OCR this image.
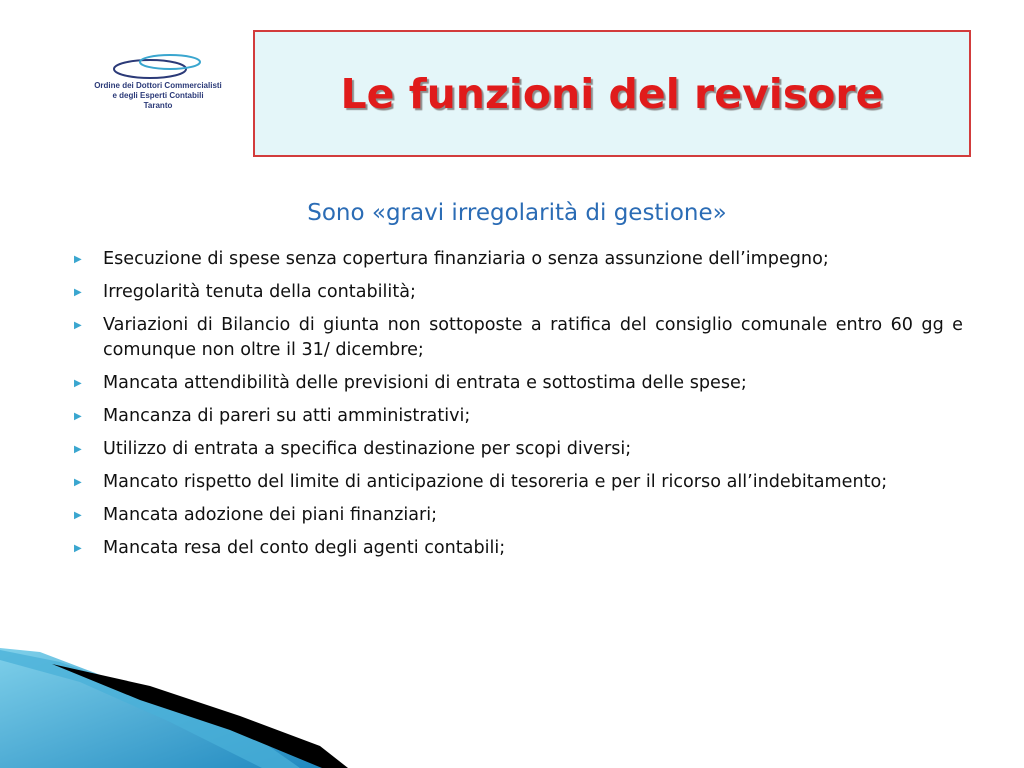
Ordine dei Dottori Commercialisti
e degli Esperti Contabili
Taranto	Le funzioni del revisore

Sono «gravi irregolarità di gestione»

▶	Esecuzione di spese senza copertura finanziaria o senza assunzione dell’impegno;
▶	Irregolarità tenuta della contabilità;
▶	Variazioni di Bilancio di giunta non sottoposte a ratifica del consiglio comunale entro 60 gg e comunque non oltre il 31/ dicembre;
▶	Mancata attendibilità delle previsioni di entrata e sottostima delle spese;
▶	Mancanza di pareri su atti amministrativi;
▶	Utilizzo di entrata a specifica destinazione per scopi diversi;
▶	Mancato rispetto del limite di anticipazione di tesoreria e per il ricorso all’indebitamento;
▶	Mancata adozione dei piani finanziari;
▶	Mancata resa del conto degli agenti contabili;
